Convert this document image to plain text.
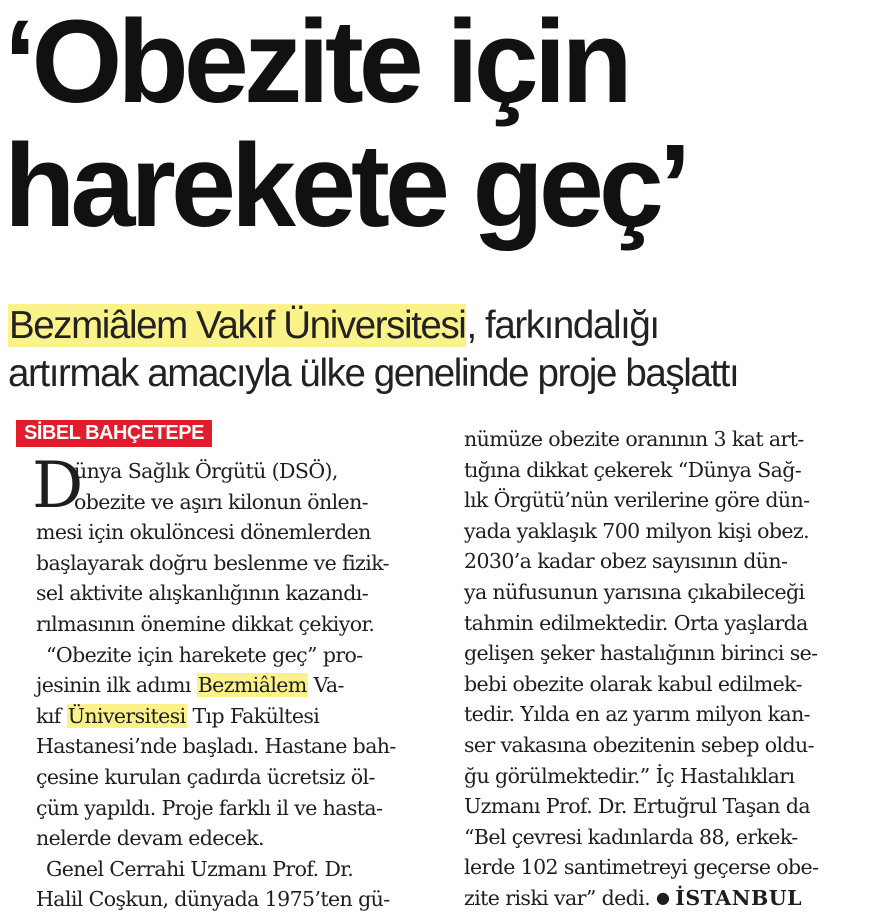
‘Obezite için
harekete geç’

Bezmiâlem Vakıf Üniversitesi, farkındalığı
artırmak amacıyla ülke genelinde proje başlattı

SİBEL BAHÇETEPE
D
ünya Sağlık Örgütü (DSÖ),
obezite ve aşırı kilonun önlen-
mesi için okulöncesi dönemlerden
başlayarak doğru beslenme ve fizik-
sel aktivite alışkanlığının kazandı-
rılmasının önemine dikkat çekiyor.
“Obezite için harekete geç” pro-
jesinin ilk adımı Bezmiâlem Va-
kıf Üniversitesi Tıp Fakültesi
Hastanesi’nde başladı. Hastane bah-
çesine kurulan çadırda ücretsiz öl-
çüm yapıldı. Proje farklı il ve hasta-
nelerde devam edecek.
Genel Cerrahi Uzmanı Prof. Dr.
Halil Coşkun, dünyada 1975’ten gü-
nümüze obezite oranının 3 kat art-
tığına dikkat çekerek “Dünya Sağ-
lık Örgütü’nün verilerine göre dün-
yada yaklaşık 700 milyon kişi obez.
2030’a kadar obez sayısının dün-
ya nüfusunun yarısına çıkabileceği
tahmin edilmektedir. Orta yaşlarda
gelişen şeker hastalığının birinci se-
bebi obezite olarak kabul edilmek-
tedir. Yılda en az yarım milyon kan-
ser vakasına obezitenin sebep oldu-
ğu görülmektedir.” İç Hastalıkları
Uzmanı Prof. Dr. Ertuğrul Taşan da
“Bel çevresi kadınlarda 88, erkek-
lerde 102 santimetreyi geçerse obe-
zite riski var” dedi. ● İSTANBUL
